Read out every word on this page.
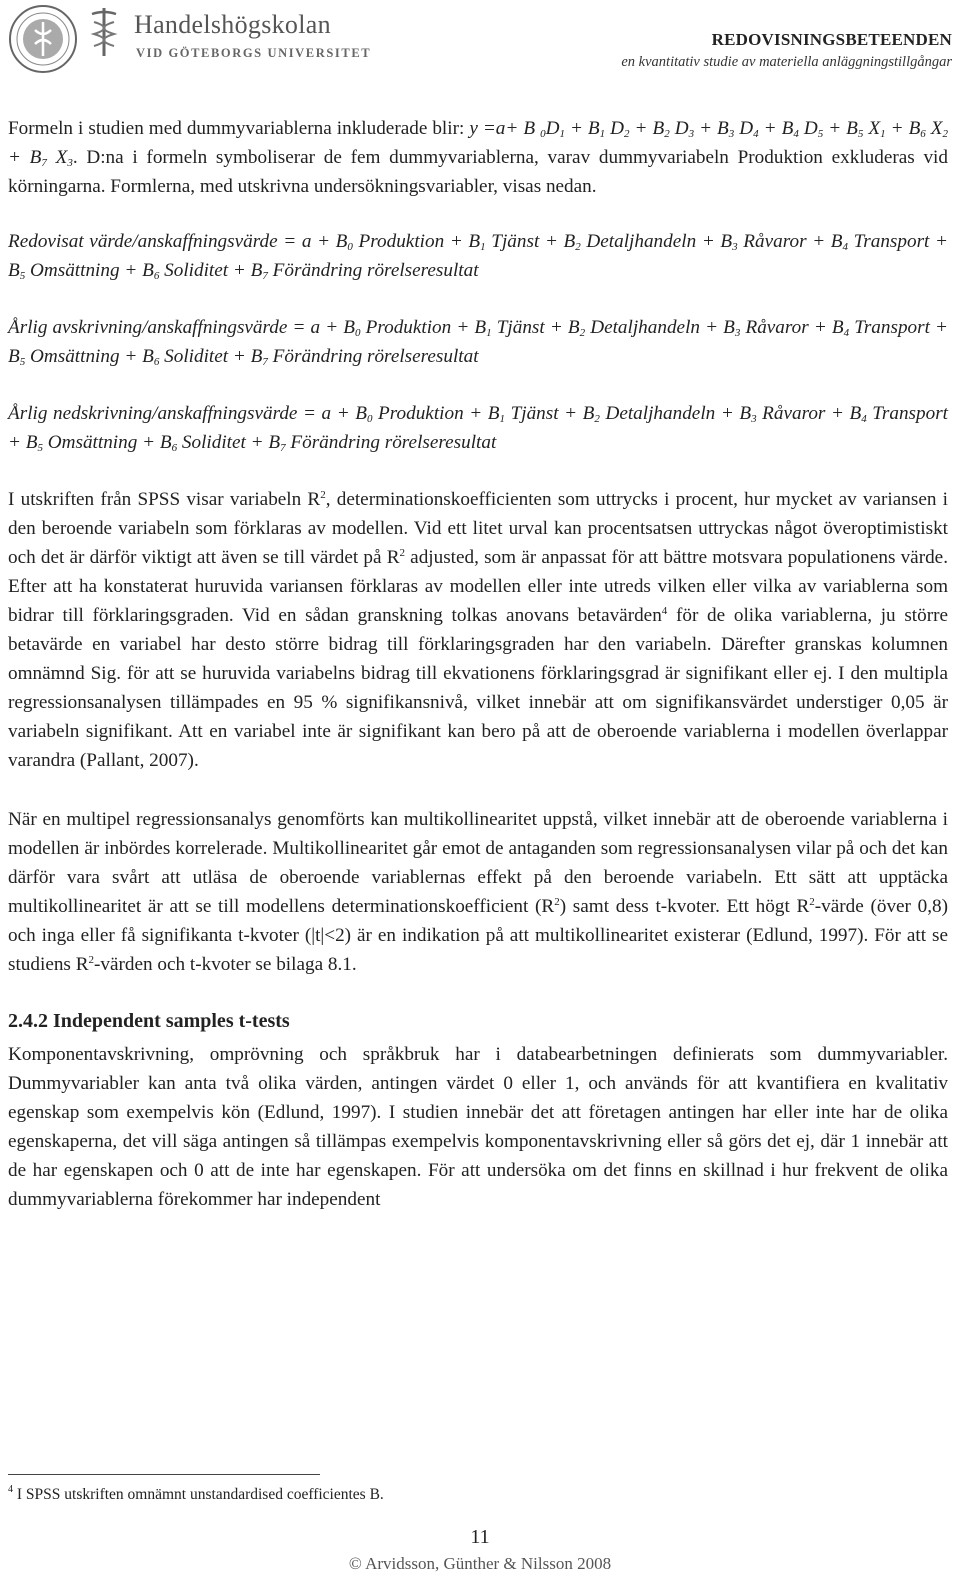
Handelshögskolan
VID GÖTEBORGS UNIVERSITET
REDOVISNINGSBETEENDEN
en kvantitativ studie av materiella anläggningstillgångar

Formeln i studien med dummyvariablerna inkluderade blir: y =a+ B $_0D_1 + B_1$ $D_2 + B_2$ $D_3 + B_3$ $D_4 + B_4$ $D_5 + B_5$ $X_1 + B_6$ $X_2 + B_7$ $X_3$. D:na i formeln symboliserar de fem dummyvariablerna, varav dummyvariabeln Produktion exkluderas vid körningarna. Formlerna, med utskrivna undersökningsvariabler, visas nedan.

Redovisat värde/anskaffningsvärde = $a + B_0$ Produktion + $B_1$ Tjänst + $B_2$ Detaljhandeln + $B_3$ Råvaror + $B_4$ Transport + $B_5$ Omsättning + $B_6$ Soliditet + $B_7$ Förändring rörelseresultat

Årlig avskrivning/anskaffningsvärde = $a + B_0$ Produktion + $B_1$ Tjänst + $B_2$ Detaljhandeln + $B_3$ Råvaror + $B_4$ Transport + $B_5$ Omsättning + $B_6$ Soliditet + $B_7$ Förändring rörelseresultat

Årlig nedskrivning/anskaffningsvärde = $a + B_0$ Produktion + $B_1$ Tjänst + $B_2$ Detaljhandeln + $B_3$ Råvaror + $B_4$ Transport + $B_5$ Omsättning + $B_6$ Soliditet + $B_7$ Förändring rörelseresultat

I utskriften från SPSS visar variabeln $R^2$, determinationskoefficienten som uttrycks i procent, hur mycket av variansen i den beroende variabeln som förklaras av modellen. Vid ett litet urval kan procentsatsen uttryckas något överoptimistiskt och det är därför viktigt att även se till värdet på $R^2$ adjusted, som är anpassat för att bättre motsvara populationens värde. Efter att ha konstaterat huruvida variansen förklaras av modellen eller inte utreds vilken eller vilka av variablerna som bidrar till förklaringsgraden. Vid en sådan granskning tolkas anovans betavärden$^4$ för de olika variablerna, ju större betavärde en variabel har desto större bidrag till förklaringsgraden har den variabeln. Därefter granskas kolumnen omnämnd Sig. för att se huruvida variabelns bidrag till ekvationens förklaringsgrad är signifikant eller ej. I den multipla regressionsanalysen tillämpades en 95 % signifikansnivå, vilket innebär att om signifikansvärdet understiger 0,05 är variabeln signifikant. Att en variabel inte är signifikant kan bero på att de oberoende variablerna i modellen överlappar varandra (Pallant, 2007).

När en multipel regressionsanalys genomförts kan multikollinearitet uppstå, vilket innebär att de oberoende variablerna i modellen är inbördes korrelerade. Multikollinearitet går emot de antaganden som regressionsanalysen vilar på och det kan därför vara svårt att utläsa de oberoende variablernas effekt på den beroende variabeln. Ett sätt att upptäcka multikollinearitet är att se till modellens determinationskoefficient $(R^2)$ samt dess t-kvoter. Ett högt $R^2$-värde (över 0,8) och inga eller få signifikanta t-kvoter (|t|<2) är en indikation på att multikollinearitet existerar (Edlund, 1997). För att se studiens $R^2$-värden och t-kvoter se bilaga 8.1.

2.4.2 Independent samples t-tests

Komponentavskrivning, omprövning och språkbruk har i databearbetningen definierats som dummyvariabler. Dummyvariabler kan anta två olika värden, antingen värdet 0 eller 1, och används för att kvantifiera en kvalitativ egenskap som exempelvis kön (Edlund, 1997). I studien innebär det att företagen antingen har eller inte har de olika egenskaperna, det vill säga antingen så tillämpas exempelvis komponentavskrivning eller så görs det ej, där 1 innebär att de har egenskapen och 0 att de inte har egenskapen. För att undersöka om det finns en skillnad i hur frekvent de olika dummyvariablerna förekommer har independent

$^4$ I SPSS utskriften omnämnt unstandardised coefficientes B.
11
© Arvidsson, Günther & Nilsson 2008
